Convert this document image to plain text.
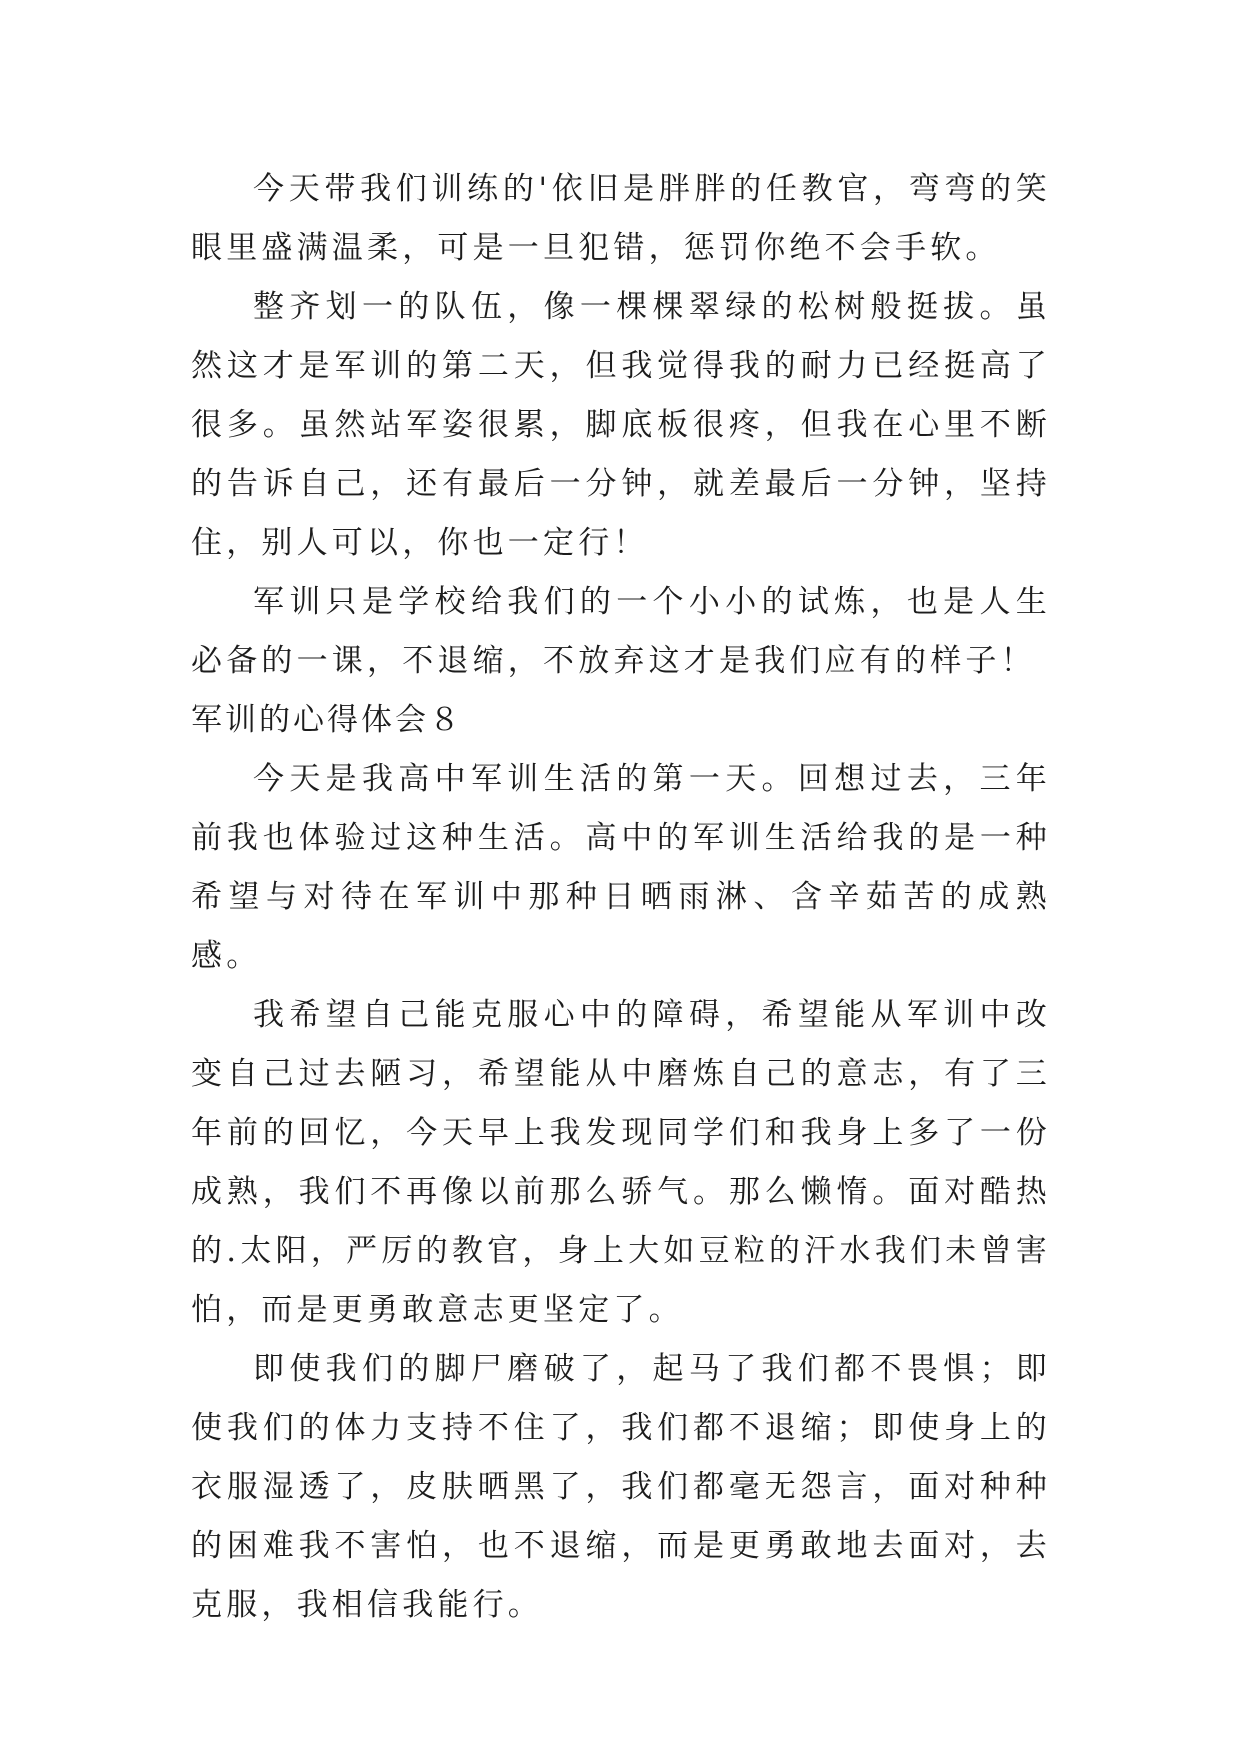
今天带我们训练的'依旧是胖胖的任教官，弯弯的笑眼里盛满温柔，可是一旦犯错，惩罚你绝不会手软。

整齐划一的队伍，像一棵棵翠绿的松树般挺拔。虽然这才是军训的第二天，但我觉得我的耐力已经挺高了很多。虽然站军姿很累，脚底板很疼，但我在心里不断的告诉自己，还有最后一分钟，就差最后一分钟，坚持住，别人可以，你也一定行！

军训只是学校给我们的一个小小的试炼，也是人生必备的一课，不退缩，不放弃这才是我们应有的样子！

军训的心得体会８

今天是我高中军训生活的第一天。回想过去，三年前我也体验过这种生活。高中的军训生活给我的是一种希望与对待在军训中那种日晒雨淋、含辛茹苦的成熟感。

我希望自己能克服心中的障碍，希望能从军训中改变自己过去陋习，希望能从中磨炼自己的意志，有了三年前的回忆，今天早上我发现同学们和我身上多了一份成熟，我们不再像以前那么骄气。那么懒惰。面对酷热的.太阳，严厉的教官，身上大如豆粒的汗水我们未曾害怕，而是更勇敢意志更坚定了。

即使我们的脚尸磨破了，起马了我们都不畏惧；即使我们的体力支持不住了，我们都不退缩；即使身上的衣服湿透了，皮肤晒黑了，我们都毫无怨言，面对种种的困难我不害怕，也不退缩，而是更勇敢地去面对，去克服，我相信我能行。
